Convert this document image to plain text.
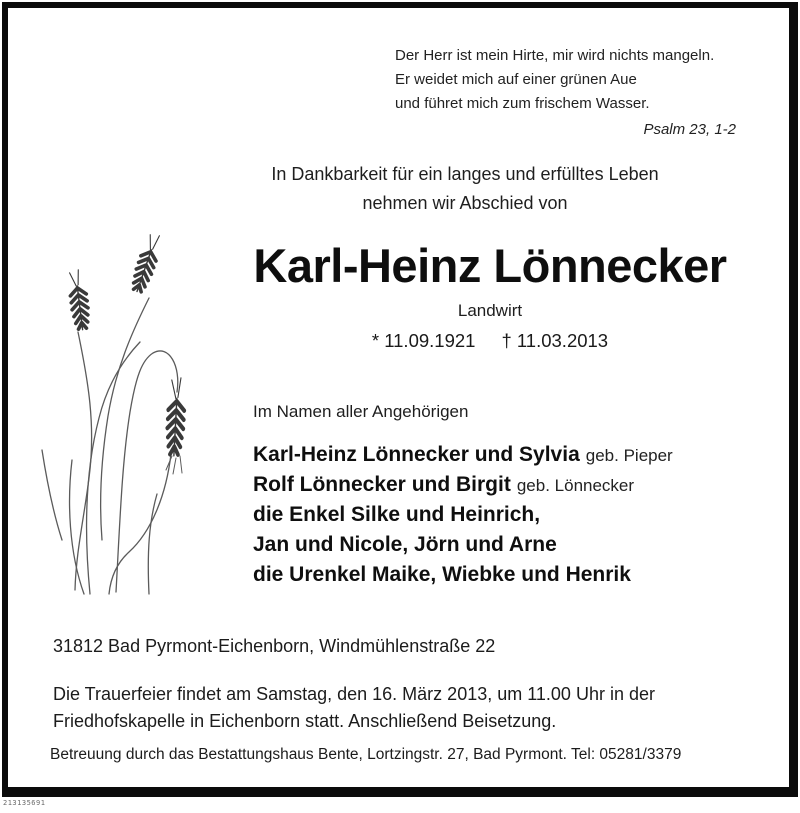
Der Herr ist mein Hirte, mir wird nichts mangeln.
Er weidet mich auf einer grünen Aue
und führet mich zum frischem Wasser.
Psalm 23, 1-2
In Dankbarkeit für ein langes und erfülltes Leben
nehmen wir Abschied von
Karl-Heinz Lönnecker
Landwirt
* 11.09.1921 † 11.03.2013
Im Namen aller Angehörigen
Karl-Heinz Lönnecker und Sylvia geb. Pieper
Rolf Lönnecker und Birgit geb. Lönnecker
die Enkel Silke und Heinrich,
Jan und Nicole, Jörn und Arne
die Urenkel Maike, Wiebke und Henrik
31812 Bad Pyrmont-Eichenborn, Windmühlenstraße 22
Die Trauerfeier findet am Samstag, den 16. März 2013, um 11.00 Uhr in der
Friedhofskapelle in Eichenborn statt. Anschließend Beisetzung.
Betreuung durch das Bestattungshaus Bente, Lortzingstr. 27, Bad Pyrmont. Tel: 05281/3379
213135691
